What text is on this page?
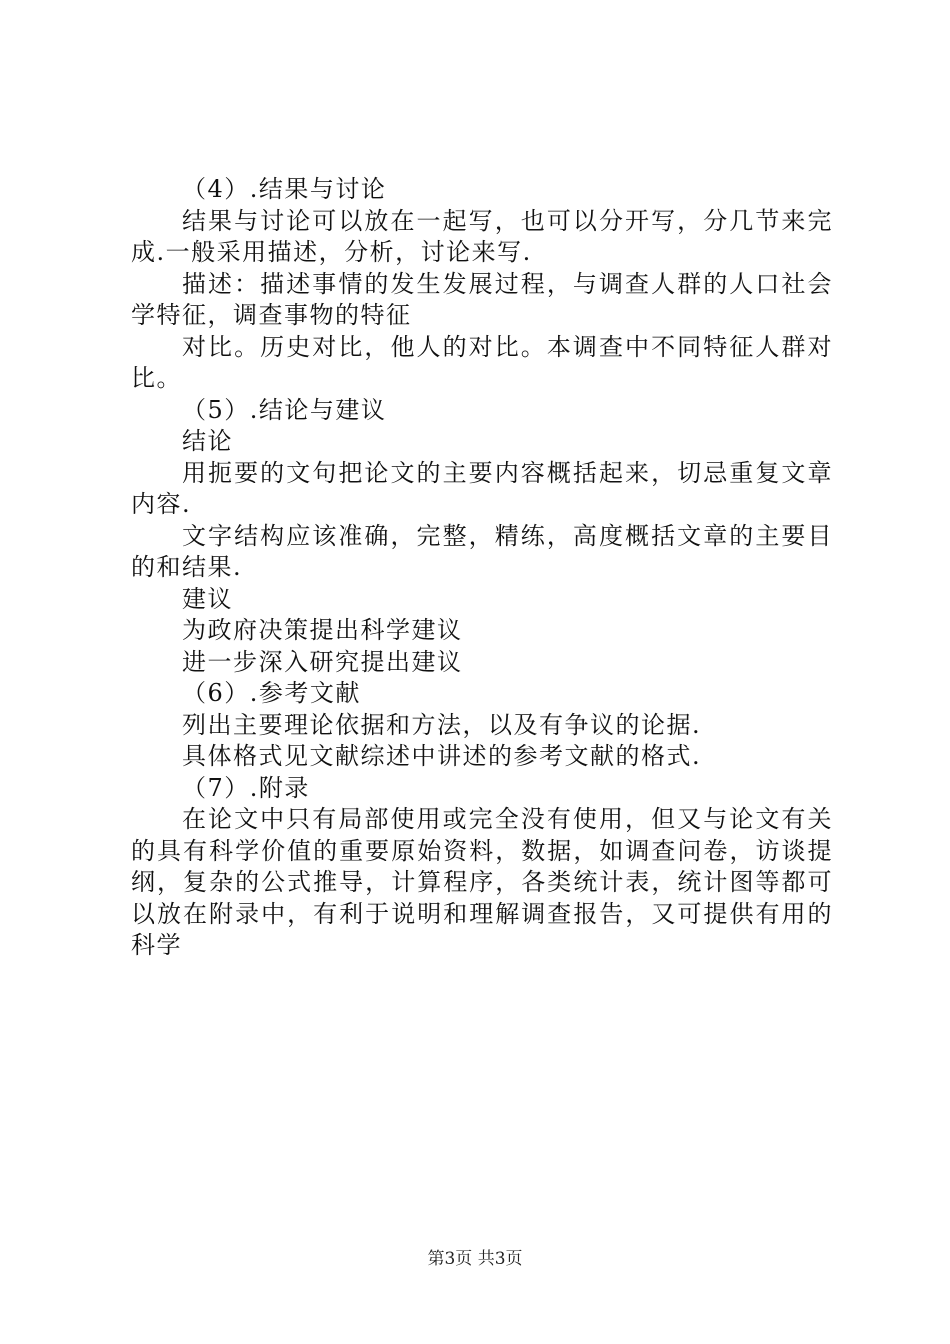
（4）.结果与讨论

结果与讨论可以放在一起写，也可以分开写，分几节来完成.一般采用描述，分析，讨论来写.

描述：描述事情的发生发展过程，与调查人群的人口社会学特征，调查事物的特征

对比。历史对比，他人的对比。本调查中不同特征人群对比。

（5）.结论与建议

结论

用扼要的文句把论文的主要内容概括起来，切忌重复文章内容.

文字结构应该准确，完整，精练，高度概括文章的主要目的和结果.

建议

为政府决策提出科学建议

进一步深入研究提出建议

（6）.参考文献

列出主要理论依据和方法，以及有争议的论据.

具体格式见文献综述中讲述的参考文献的格式.

（7）.附录

在论文中只有局部使用或完全没有使用，但又与论文有关的具有科学价值的重要原始资料，数据，如调查问卷，访谈提纲，复杂的公式推导，计算程序，各类统计表，统计图等都可以放在附录中，有利于说明和理解调查报告，又可提供有用的科学

第3页 共3页
